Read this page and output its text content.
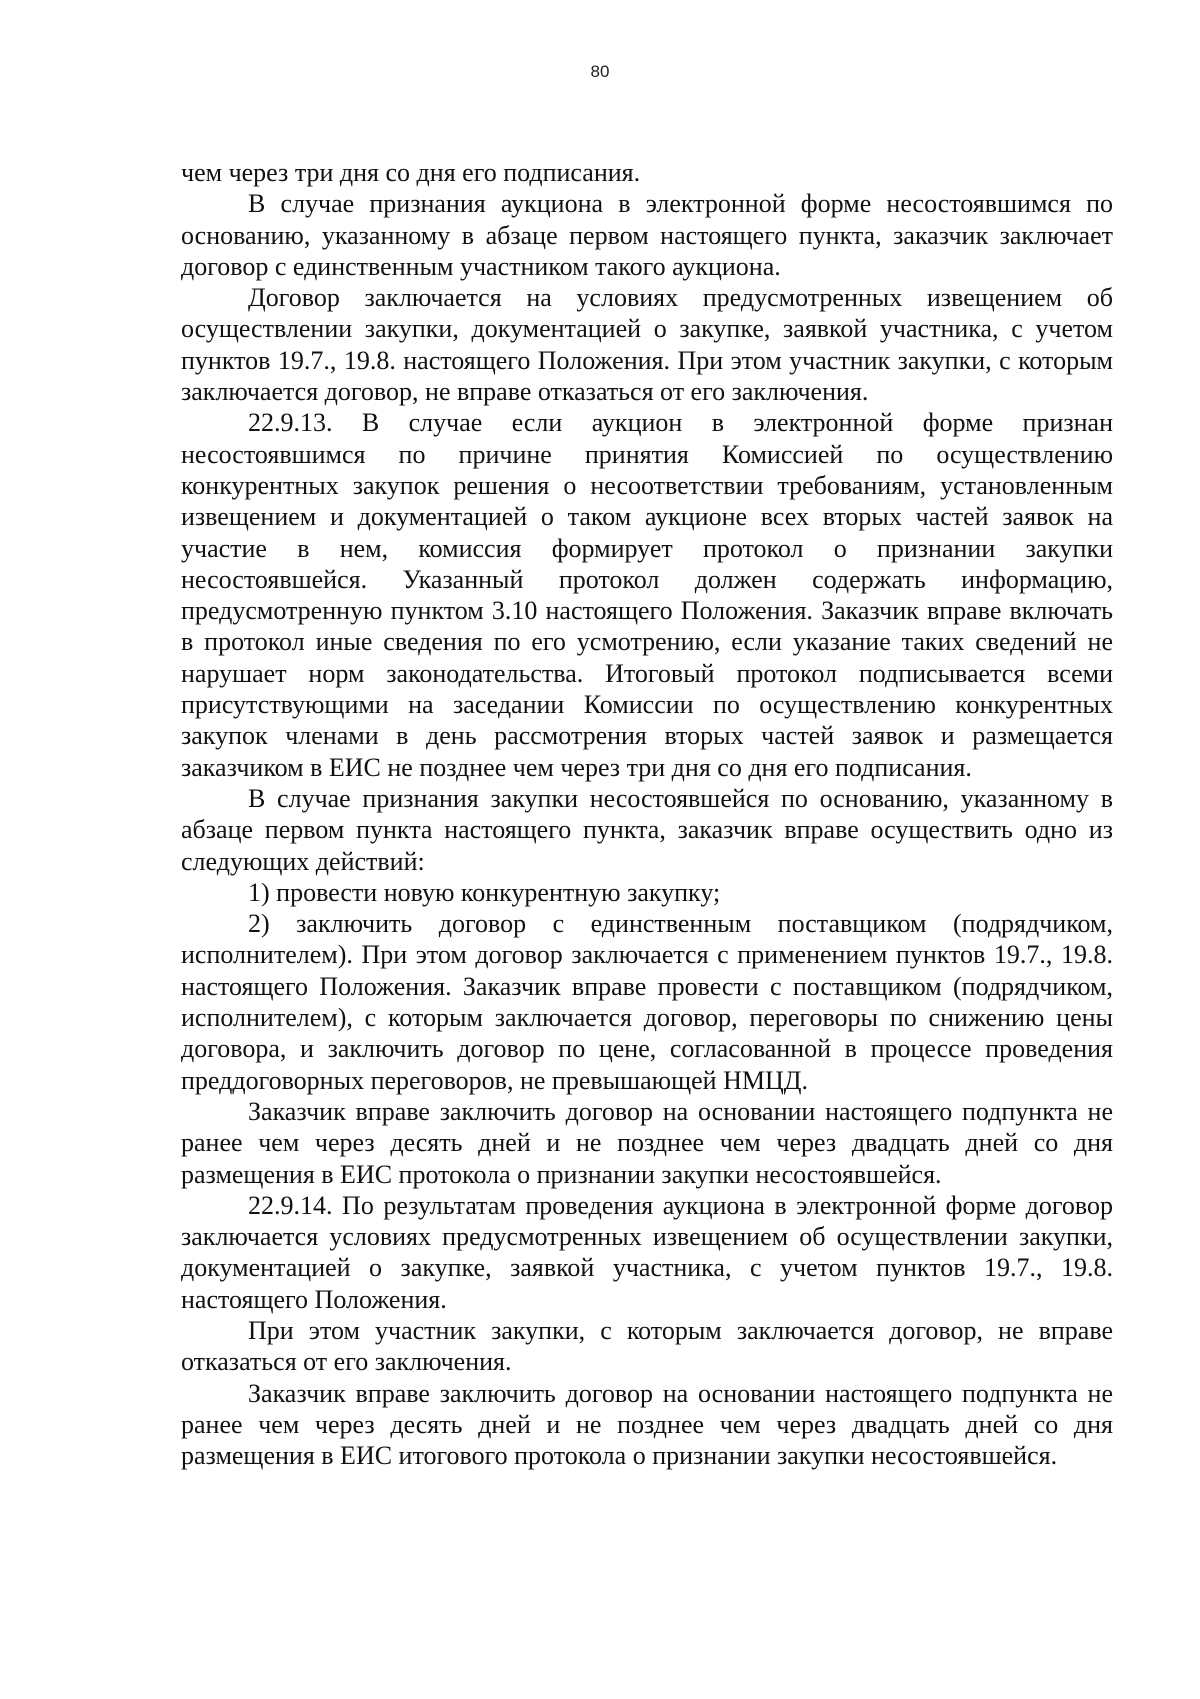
80

чем через три дня со дня его подписания.

В случае признания аукциона в электронной форме несостоявшимся по основанию, указанному в абзаце первом настоящего пункта, заказчик заключает договор с единственным участником такого аукциона.

Договор заключается на условиях предусмотренных извещением об осуществлении закупки, документацией о закупке, заявкой участника, с учетом пунктов 19.7., 19.8. настоящего Положения. При этом участник закупки, с которым заключается договор, не вправе отказаться от его заключения.

22.9.13. В случае если аукцион в электронной форме признан несостоявшимся по причине принятия Комиссией по осуществлению конкурентных закупок решения о несоответствии требованиям, установленным извещением и документацией о таком аукционе всех вторых частей заявок на участие в нем, комиссия формирует протокол о признании закупки несостоявшейся. Указанный протокол должен содержать информацию, предусмотренную пунктом 3.10 настоящего Положения. Заказчик вправе включать в протокол иные сведения по его усмотрению, если указание таких сведений не нарушает норм законодательства. Итоговый протокол подписывается всеми присутствующими на заседании Комиссии по осуществлению конкурентных закупок членами в день рассмотрения вторых частей заявок и размещается заказчиком в ЕИС не позднее чем через три дня со дня его подписания.

В случае признания закупки несостоявшейся по основанию, указанному в абзаце первом пункта настоящего пункта, заказчик вправе осуществить одно из следующих действий:

1) провести новую конкурентную закупку;

2) заключить договор с единственным поставщиком (подрядчиком, исполнителем). При этом договор заключается с применением пунктов 19.7., 19.8. настоящего Положения. Заказчик вправе провести с поставщиком (подрядчиком, исполнителем), с которым заключается договор, переговоры по снижению цены договора, и заключить договор по цене, согласованной в процессе проведения преддоговорных переговоров, не превышающей НМЦД.

Заказчик вправе заключить договор на основании настоящего подпункта не ранее чем через десять дней и не позднее чем через двадцать дней со дня размещения в ЕИС протокола о признании закупки несостоявшейся.

22.9.14. По результатам проведения аукциона в электронной форме договор заключается условиях предусмотренных извещением об осуществлении закупки, документацией о закупке, заявкой участника, с учетом пунктов 19.7., 19.8. настоящего Положения.

При этом участник закупки, с которым заключается договор, не вправе отказаться от его заключения.

Заказчик вправе заключить договор на основании настоящего подпункта не ранее чем через десять дней и не позднее чем через двадцать дней со дня размещения в ЕИС итогового протокола о признании закупки несостоявшейся.
